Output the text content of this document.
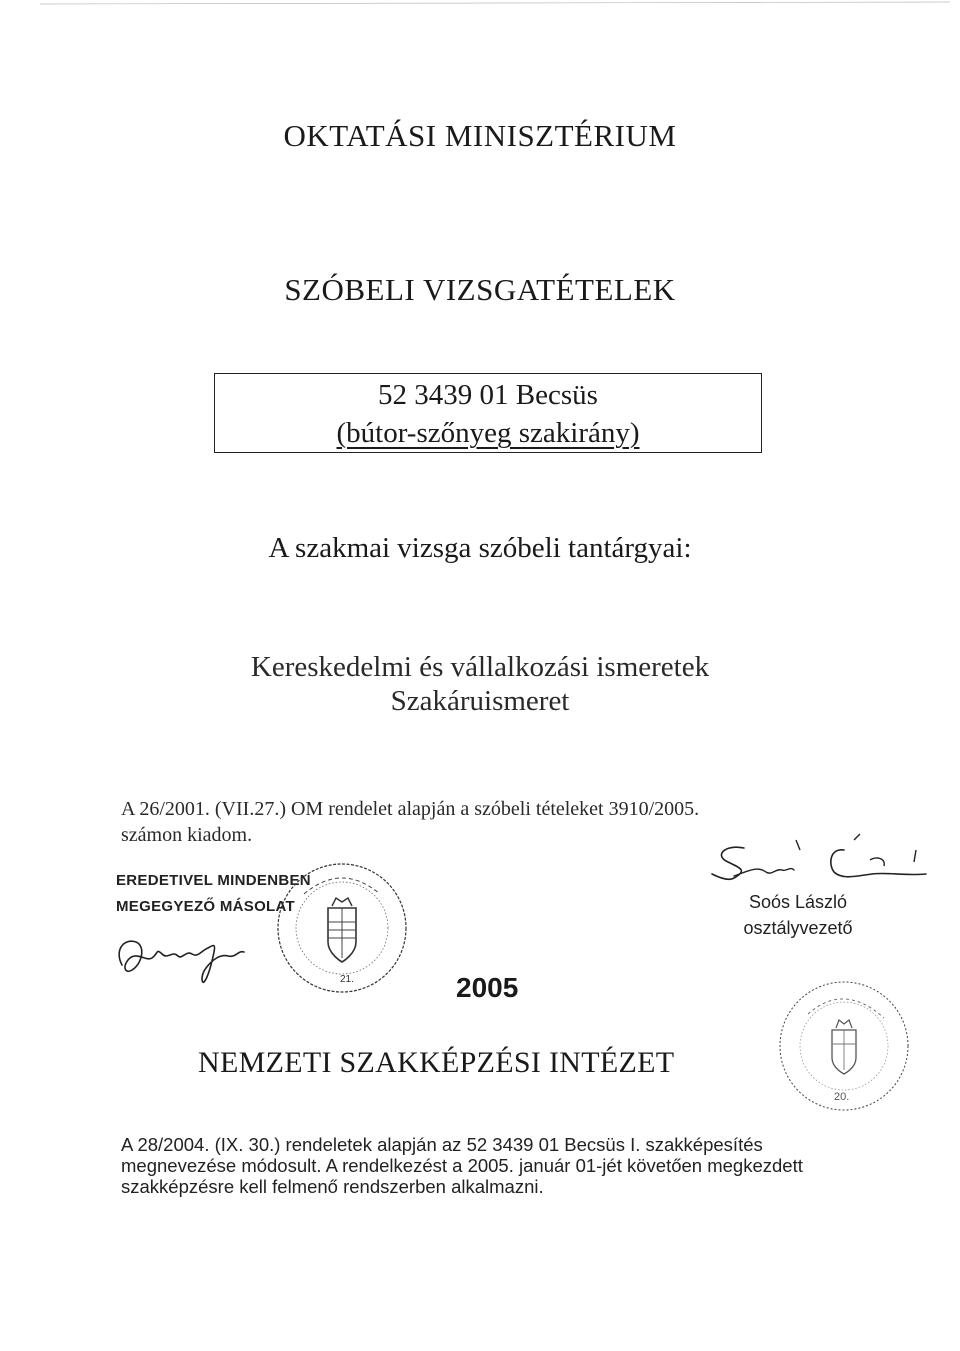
OKTATÁSI MINISZTÉRIUM
SZÓBELI VIZSGATÉTELEK
52 3439 01 Becsüs
(bútor-szőnyeg szakirány)
A szakmai vizsga szóbeli tantárgyai:
Kereskedelmi és vállalkozási ismeretek
Szakáruismeret
A 26/2001. (VII.27.) OM rendelet alapján a szóbeli tételeket 3910/2005.
számon kiadom.
EREDETIVEL MINDENBEN
MEGEGYEZŐ MÁSOLAT
21.
Soós László
osztályvezető
2005
20.
NEMZETI SZAKKÉPZÉSI INTÉZET
A 28/2004. (IX. 30.) rendeletek alapján az 52 3439 01 Becsüs I. szakképesítés
megnevezése módosult. A rendelkezést a 2005. január 01-jét követően megkezdett
szakképzésre kell felmenő rendszerben alkalmazni.
